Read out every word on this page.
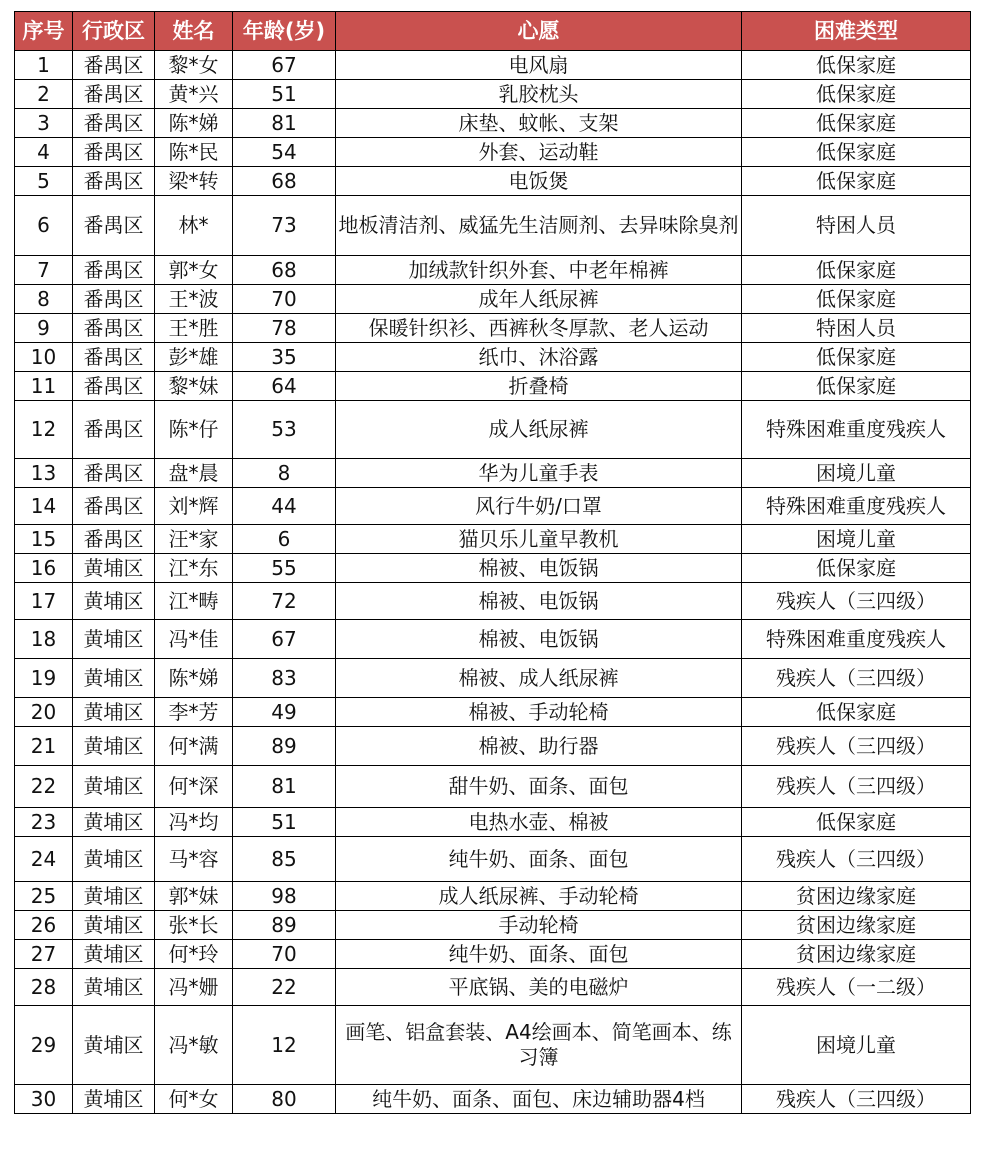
序号	行政区	姓名	年龄(岁)	心愿	困难类型
1	番禺区	黎*女	67	电风扇	低保家庭
2	番禺区	黄*兴	51	乳胶枕头	低保家庭
3	番禺区	陈*娣	81	床垫、蚊帐、支架	低保家庭
4	番禺区	陈*民	54	外套、运动鞋	低保家庭
5	番禺区	梁*转	68	电饭煲	低保家庭
6	番禺区	林*	73	地板清洁剂、威猛先生洁厕剂、去异味除臭剂	特困人员
7	番禺区	郭*女	68	加绒款针织外套、中老年棉裤	低保家庭
8	番禺区	王*波	70	成年人纸尿裤	低保家庭
9	番禺区	王*胜	78	保暖针织衫、西裤秋冬厚款、老人运动	特困人员
10	番禺区	彭*雄	35	纸巾、沐浴露	低保家庭
11	番禺区	黎*妹	64	折叠椅	低保家庭
12	番禺区	陈*仔	53	成人纸尿裤	特殊困难重度残疾人
13	番禺区	盘*晨	8	华为儿童手表	困境儿童
14	番禺区	刘*辉	44	风行牛奶/口罩	特殊困难重度残疾人
15	番禺区	汪*家	6	猫贝乐儿童早教机	困境儿童
16	黄埔区	江*东	55	棉被、电饭锅	低保家庭
17	黄埔区	江*畴	72	棉被、电饭锅	残疾人（三四级）
18	黄埔区	冯*佳	67	棉被、电饭锅	特殊困难重度残疾人
19	黄埔区	陈*娣	83	棉被、成人纸尿裤	残疾人（三四级）
20	黄埔区	李*芳	49	棉被、手动轮椅	低保家庭
21	黄埔区	何*满	89	棉被、助行器	残疾人（三四级）
22	黄埔区	何*深	81	甜牛奶、面条、面包	残疾人（三四级）
23	黄埔区	冯*均	51	电热水壶、棉被	低保家庭
24	黄埔区	马*容	85	纯牛奶、面条、面包	残疾人（三四级）
25	黄埔区	郭*妹	98	成人纸尿裤、手动轮椅	贫困边缘家庭
26	黄埔区	张*长	89	手动轮椅	贫困边缘家庭
27	黄埔区	何*玲	70	纯牛奶、面条、面包	贫困边缘家庭
28	黄埔区	冯*姗	22	平底锅、美的电磁炉	残疾人（一二级）
29	黄埔区	冯*敏	12	画笔、铝盒套装、A4绘画本、简笔画本、练习簿	困境儿童
30	黄埔区	何*女	80	纯牛奶、面条、面包、床边辅助器4档	残疾人（三四级）
